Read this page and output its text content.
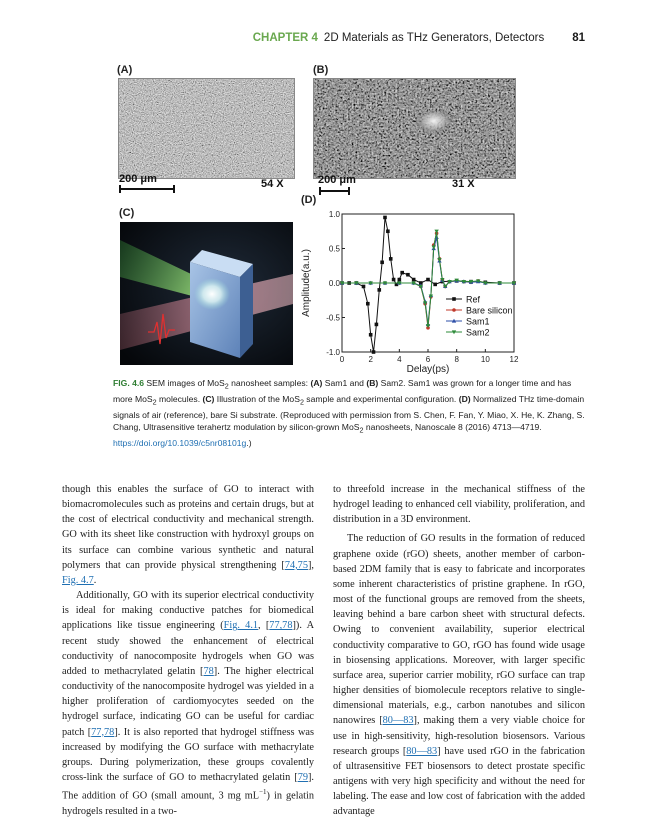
CHAPTER 4 2D Materials as THz Generators, Detectors 81
(A)
200 μm	54 X
(B)
200 μm	31 X
(C)
(D)
0	2	4	6	8	10 12
1.0
0.5
0.0
-0.5
-1.0
Delay(ps)
Amplitude(a.u.)	Ref
Bare silicon
Sam1
Sam2
FIG. 4.6 SEM images of MoS$_2$ nanosheet samples: (A) Sam1 and (B) Sam2. Sam1 was grown for a longer time and has more MoS$_2$ molecules. (C) Illustration of the MoS$_2$ sample and experimental configuration. (D) Normalized THz time-domain signals of air (reference), bare Si substrate. (Reproduced with permission from S. Chen, F. Fan, Y. Miao, X. He, K. Zhang, S. Chang, Ultrasensitive terahertz modulation by silicon-grown MoS$_2$ nanosheets, Nanoscale 8 (2016) 4713—4719. https://doi.org/10.1039/c5nr08101g.)

though this enables the surface of GO to interact with biomacromolecules such as proteins and certain drugs, but at the cost of electrical conductivity and mechanical strength. GO with its sheet like construction with hydroxyl groups on its surface can combine various synthetic and natural polymers that can provide physical strengthening [74,75], Fig. 4.7.

Additionally, GO with its superior electrical conductivity is ideal for making conductive patches for biomedical applications like tissue engineering (Fig. 4.1, [77,78]). A recent study showed the enhancement of electrical conductivity of nanocomposite hydrogels when GO was added to methacrylated gelatin [78]. The higher electrical conductivity of the nanocomposite hydrogel was yielded in a higher proliferation of cardiomyocytes seeded on the hydrogel surface, indicating GO can be useful for cardiac patch [77,78]. It is also reported that hydrogel stiffness was increased by modifying the GO surface with methacrylate groups. During polymerization, these groups covalently cross-link the surface of GO to methacrylated gelatin [79]. The addition of GO (small amount, 3 mg $mL^{-1}$) in gelatin hydrogels resulted in a two-

to threefold increase in the mechanical stiffness of the hydrogel leading to enhanced cell viability, proliferation, and distribution in a 3D environment.

The reduction of GO results in the formation of reduced graphene oxide (rGO) sheets, another member of carbon-based 2DM family that is easy to fabricate and incorporates some inherent characteristics of pristine graphene. In rGO, most of the functional groups are removed from the sheets, leaving behind a bare carbon sheet with structural defects. Owing to convenient availability, superior electrical conductivity comparative to GO, rGO has found wide usage in biosensing applications. Moreover, with larger specific surface area, superior carrier mobility, rGO surface can trap higher densities of biomolecule receptors relative to single-dimensional materials, e.g., carbon nanotubes and silicon nanowires [80—83], making them a very viable choice for use in high-sensitivity, high-resolution biosensors. Various research groups [80—83] have used rGO in the fabrication of ultrasensitive FET biosensors to detect prostate specific antigens with very high specificity and without the need for labeling. The ease and low cost of fabrication with the added advantage
